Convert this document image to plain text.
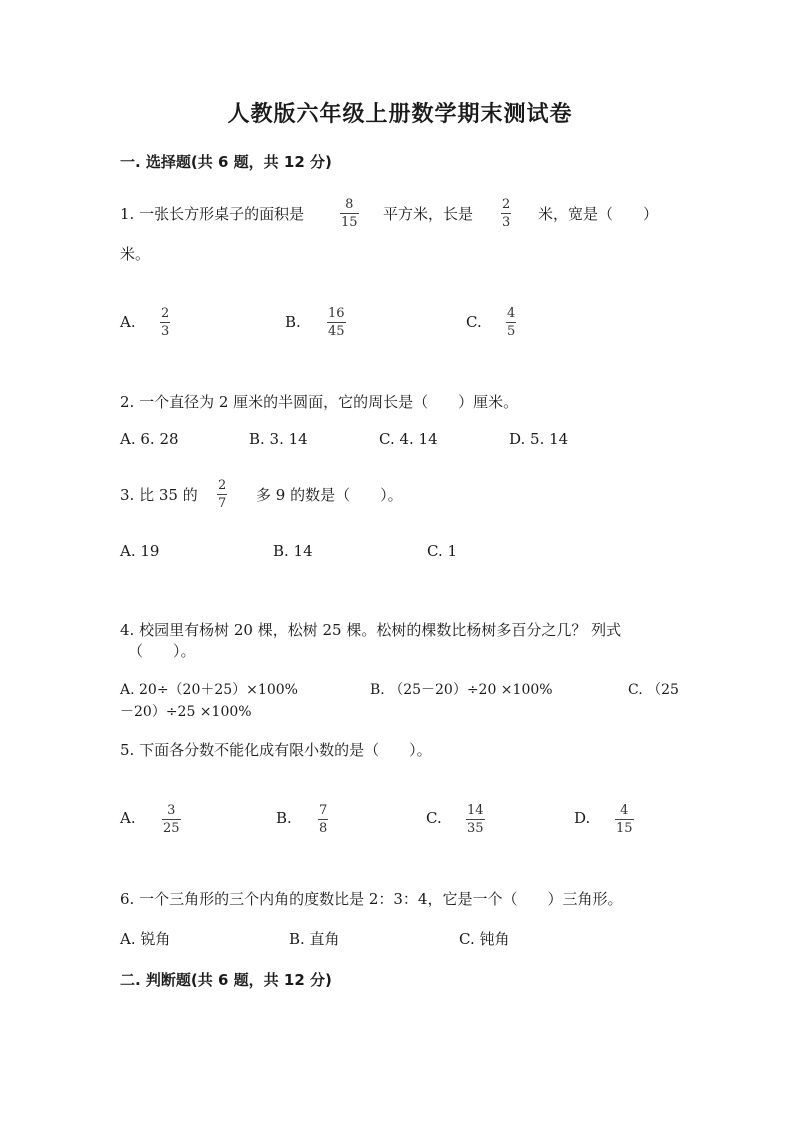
人教版六年级上册数学期末测试卷
一. 选择题(共 6 题，共 12 分)
1. 一张长方形桌子的面积是
8
15 平方米，长是
2
3 米，宽是（　　）
米。
A. 2
3
B. 16
45
C. 4
5
2. 一个直径为 2 厘米的半圆面，它的周长是（　　）厘米。
A. 6. 28	B. 3. 14	C. 4. 14	D. 5. 14
3. 比 35 的
2
7 多 9 的数是（　　）。
A. 19	B. 14	C. 1
4. 校园里有杨树 20 棵，松树 25 棵。松树的棵数比杨树多百分之几？ 列式
（　　）。
A. 20÷（20＋25）×100%	B. （25－20）÷20 ×100%	C. （25
－20）÷25 ×100%
5. 下面各分数不能化成有限小数的是（　　）。
A. 3
25
B. 7
8
C. 14
35
D. 4
15
6. 一个三角形的三个内角的度数比是 2：3：4，它是一个（　　）三角形。
A. 锐角	B. 直角	C. 钝角
二. 判断题(共 6 题，共 12 分)
